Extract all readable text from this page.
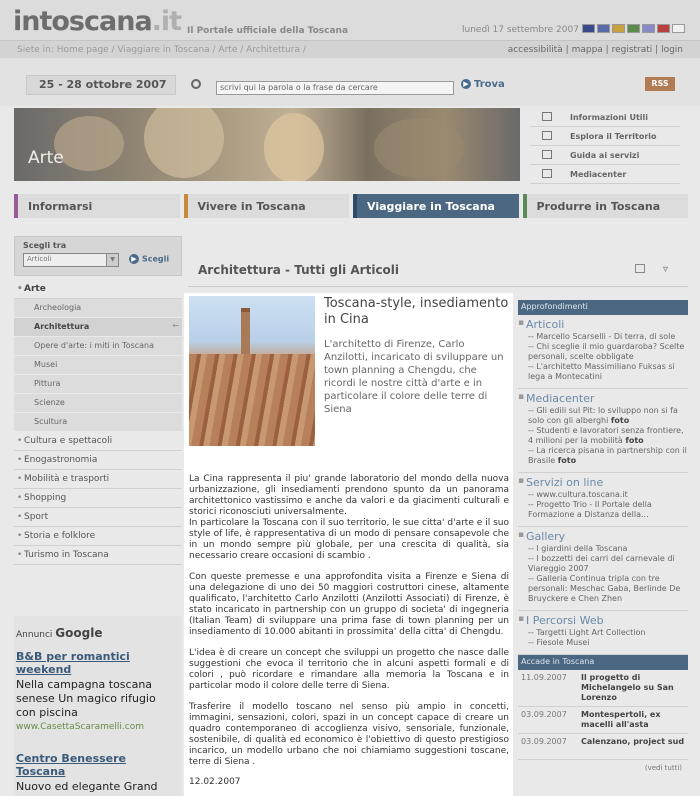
intoscana.it Il Portale ufficiale della Toscana	lunedì 17 settembre 2007
Siete in: Home page / Viaggiare in Toscana / Arte / Architettura /	accessibilità | mappa | registrati | login
25 - 28 ottobre 2007	scrivi qui la parola o la frase da cercare	▶ Trova	RSS
Arte
Informazioni Utili
Esplora il Territorio
Guida ai servizi
Mediacenter
Informarsi	Vivere in Toscana	Viaggiare in Toscana	Produrre in Toscana
Scegli tra
Articoli	▼	▶ Scegli
• Arte
Archeologia
Architettura ←
Opere d'arte: i miti in Toscana
Musei
Pittura
Scienze
Scultura
• Cultura e spettacoli
• Enogastronomia
• Mobilità e trasporti
• Shopping
• Sport
• Storia e folklore
• Turismo in Toscana
Annunci Google
B&B per romantici weekend
Nella campagna toscana senese Un magico rifugio con piscina
www.CasettaScaramelli.com
Centro Benessere Toscana
Nuovo ed elegante Grand
Architettura - Tutti gli Articoli	▿
Toscana-style, insediamento in Cina
L'architetto di Firenze, Carlo Anzilotti, incaricato di sviluppare un town planning a Chengdu, che ricordi le nostre città d'arte e in particolare il colore delle terre di Siena

La Cina rappresenta il piu' grande laboratorio del mondo della nuova urbanizzazione, gli insediamenti prendono spunto da un panorama architettonico vastissimo e anche da valori e da giacimenti culturali e storici riconosciuti universalmente.
In particolare la Toscana con il suo territorio, le sue citta' d'arte e il suo style of life, è rappresentativa di un modo di pensare consapevole che in un mondo sempre più globale, per una crescita di qualità, sia necessario creare occasioni di scambio .

Con queste premesse e una approfondita visita a Firenze e Siena di una delegazione di uno dei 50 maggiori costruttori cinese, altamente qualificato, l'architetto Carlo Anzilotti (Anzilotti Associati) di Firenze, è stato incaricato in partnership con un gruppo di societa' di ingegneria (Italian Team) di sviluppare una prima fase di town planning per un insediamento di 10.000 abitanti in prossimita' della citta' di Chengdu.

L'idea è di creare un concept che sviluppi un progetto che nasce dalle suggestioni che evoca il territorio che in alcuni aspetti formali e di colori , può ricordare e rimandare alla memoria la Toscana e in particolar modo il colore delle terre di Siena.

Trasferire il modello toscano nel senso più ampio in concetti, immagini, sensazioni, colori, spazi in un concept capace di creare un quadro contemporaneo di accoglienza visivo, sensoriale, funzionale, sostenibile, di qualità ed economico è l'obiettivo di questo prestigioso incarico, un modello urbano che noi chiamiamo suggestioni toscane, terre di Siena .

12.02.2007
Approfondimenti
▪ Articoli
-- Marcello Scarselli - Di terra, di sole
-- Chi sceglie il mio guardaroba? Scelte personali, scelte obbligate
-- L'architetto Massimiliano Fuksas si lega a Montecatini
▪ Mediacenter
-- Gli edili sul Pit: lo sviluppo non si fa solo con gli alberghi foto
-- Studenti e lavoratori senza frontiere, 4 milioni per la mobilità foto
-- La ricerca pisana in partnership con il Brasile foto
▪ Servizi on line
-- www.cultura.toscana.it
-- Progetto Trio - Il Portale della Formazione a Distanza della...
▪ Gallery
-- I giardini della Toscana
-- I bozzetti dei carri del carnevale di Viareggio 2007
-- Galleria Continua tripla con tre personali: Meschac Gaba, Berlinde De Bruyckere e Chen Zhen
▪ I Percorsi Web
-- Targetti Light Art Collection
-- Fiesole Musei
Accade in Toscana
11.09.2007 Il progetto di Michelangelo su San Lorenzo
03.09.2007 Montespertoli, ex macelli all'asta
03.09.2007 Calenzano, project sud
(vedi tutti)
